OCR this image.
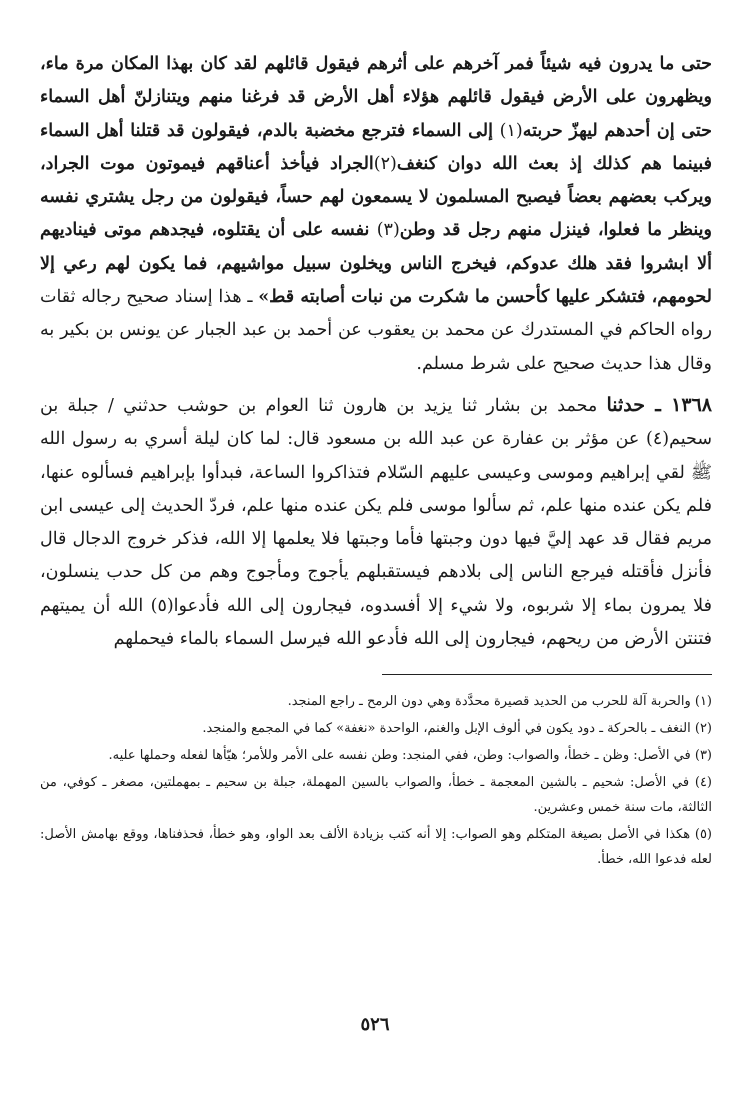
حتى ما يدرون فيه شيئاً فمر آخرهم على أثرهم فيقول قائلهم لقد كان بهذا المكان مرة ماء، ويظهرون على الأرض فيقول قائلهم هؤلاء أهل الأرض قد فرغنا منهم ويتنازلنّ أهل السماء حتى إن أحدهم ليهزّ حربته(١) إلى السماء فترجع مخضبة بالدم، فيقولون قد قتلنا أهل السماء فبينما هم كذلك إذ بعث الله دوان كنغف(٢)الجراد فيأخذ أعناقهم فيموتون موت الجراد، ويركب بعضهم بعضاً فيصبح المسلمون لا يسمعون لهم حساً، فيقولون من رجل يشتري نفسه وينظر ما فعلوا، فينزل منهم رجل قد وطن(٣) نفسه على أن يقتلوه، فيجدهم موتى فيناديهم ألا ابشروا فقد هلك عدوكم، فيخرج الناس ويخلون سبيل مواشيهم، فما يكون لهم رعي إلا لحومهم، فتشكر عليها كأحسن ما شكرت من نبات أصابته قط» ـ هذا إسناد صحيح رجاله ثقات رواه الحاكم في المستدرك عن محمد بن يعقوب عن أحمد بن عبد الجبار عن يونس بن بكير به وقال هذا حديث صحيح على شرط مسلم.

١٣٦٨ ـ حدثنا محمد بن بشار ثنا يزيد بن هارون ثنا العوام بن حوشب حدثني / جبلة بن سحيم(٤) عن مؤثر بن عفارة عن عبد الله بن مسعود قال: لما كان ليلة أسري به رسول الله ﷺ لقي إبراهيم وموسى وعيسى عليهم السّلام فتذاكروا الساعة، فبدأوا بإبراهيم فسألوه عنها، فلم يكن عنده منها علم، ثم سألوا موسى فلم يكن عنده منها علم، فردّ الحديث إلى عيسى ابن مريم فقال قد عهد إليَّ فيها دون وجبتها فأما وجبتها فلا يعلمها إلا الله، فذكر خروج الدجال قال فأنزل فأقتله فيرجع الناس إلى بلادهم فيستقبلهم يأجوج ومأجوج وهم من كل حدب ينسلون، فلا يمرون بماء إلا شربوه، ولا شيء إلا أفسدوه، فيجارون إلى الله فأدعوا(٥) الله أن يميتهم فتنتن الأرض من ريحهم، فيجارون إلى الله فأدعو الله فيرسل السماء بالماء فيحملهم

(١) والحربة آلة للحرب من الحديد قصيرة محدَّدة وهي دون الرمح ـ راجع المنجد.
(٢) النغف ـ بالحركة ـ دود يكون في ألوف الإبل والغنم، الواحدة «نغفة» كما في المجمع والمنجد.
(٣) في الأصل: وظن ـ خطأ، والصواب: وطن، ففي المنجد: وطن نفسه على الأمر وللأمر؛ هيّأها لفعله وحملها عليه.
(٤) في الأصل: شحيم ـ بالشين المعجمة ـ خطأ، والصواب بالسين المهملة، جبلة بن سحيم ـ بمهملتين، مصغر ـ كوفي، من الثالثة، مات سنة خمس وعشرين.
(٥) هكذا في الأصل بصيغة المتكلم وهو الصواب: إلا أنه كتب بزيادة الألف بعد الواو، وهو خطأ، فحذفناها، ووقع بهامش الأصل: لعله فدعوا الله، خطأ.
٥٢٦
